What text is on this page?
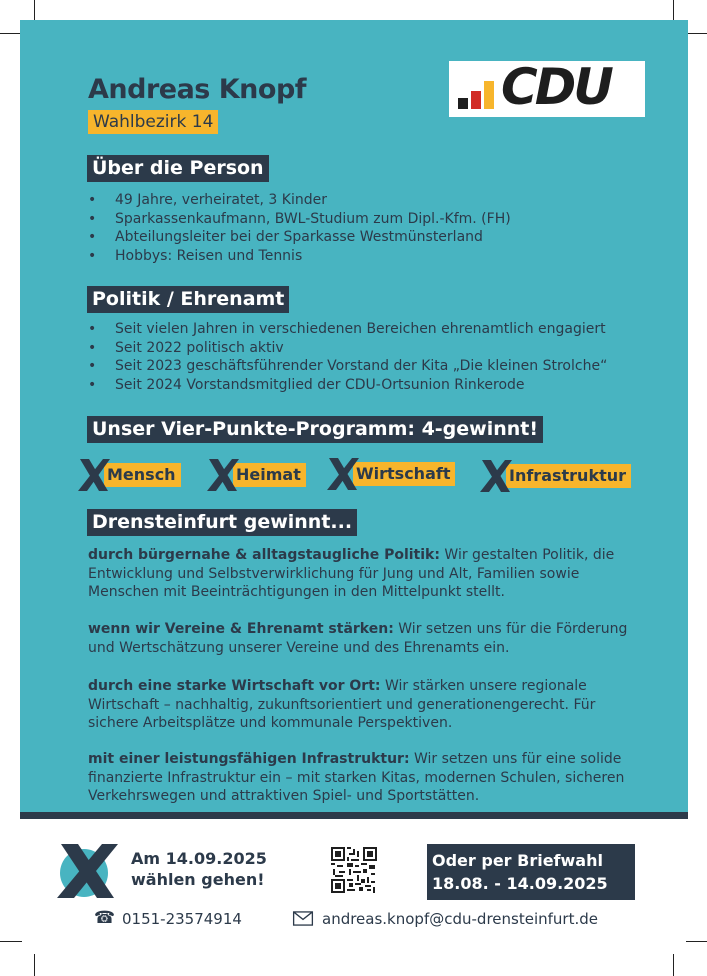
Andreas Knopf
Wahlbezirk 14
CDU
Über die Person
• 49 Jahre, verheiratet, 3 Kinder
• Sparkassenkaufmann, BWL-Studium zum Dipl.-Kfm. (FH)
• Abteilungsleiter bei der Sparkasse Westmünsterland
• Hobbys: Reisen und Tennis
Politik / Ehrenamt
• Seit vielen Jahren in verschiedenen Bereichen ehrenamtlich engagiert
• Seit 2022 politisch aktiv
• Seit 2023 geschäftsführender Vorstand der Kita „Die kleinen Strolche“
• Seit 2024 Vorstandsmitglied der CDU-Ortsunion Rinkerode
Unser Vier-Punkte-Programm: 4-gewinnt!
Mensch	Heimat	Wirtschaft	Infrastruktur
Drensteinfurt gewinnt...
durch bürgernahe & alltagstaugliche Politik: Wir gestalten Politik, die Entwicklung und Selbstverwirklichung für Jung und Alt, Familien sowie Menschen mit Beeinträchtigungen in den Mittelpunkt stellt.
wenn wir Vereine & Ehrenamt stärken: Wir setzen uns für die Förderung und Wertschätzung unserer Vereine und des Ehrenamts ein.
durch eine starke Wirtschaft vor Ort: Wir stärken unsere regionale Wirtschaft – nachhaltig, zukunftsorientiert und generationengerecht. Für sichere Arbeitsplätze und kommunale Perspektiven.
mit einer leistungsfähigen Infrastruktur: Wir setzen uns für eine solide finanzierte Infrastruktur ein – mit starken Kitas, modernen Schulen, sicheren Verkehrswegen und attraktiven Spiel- und Sportstätten.
Am 14.09.2025
wählen gehen!
Oder per Briefwahl
18.08. - 14.09.2025
☎ 0151-23574914	andreas.knopf@cdu-drensteinfurt.de
